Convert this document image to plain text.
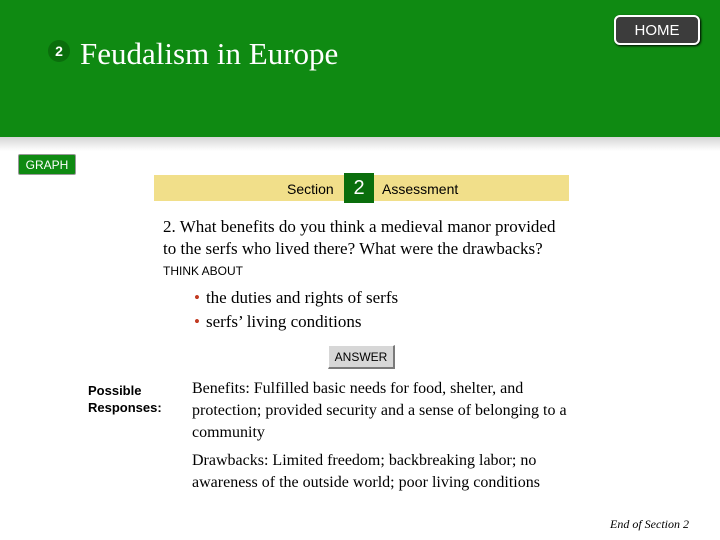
2 Feudalism in Europe
HOME
GRAPH
Section 2	Assessment
2. What benefits do you think a medieval manor provided to the serfs who lived there? What were the drawbacks? THINK ABOUT
• the duties and rights of serfs
• serfs’ living conditions
ANSWER
Possible
Responses:
Benefits: Fulfilled basic needs for food, shelter, and protection; provided security and a sense of belonging to a community
Drawbacks: Limited freedom; backbreaking labor; no awareness of the outside world; poor living conditions
End of Section 2
